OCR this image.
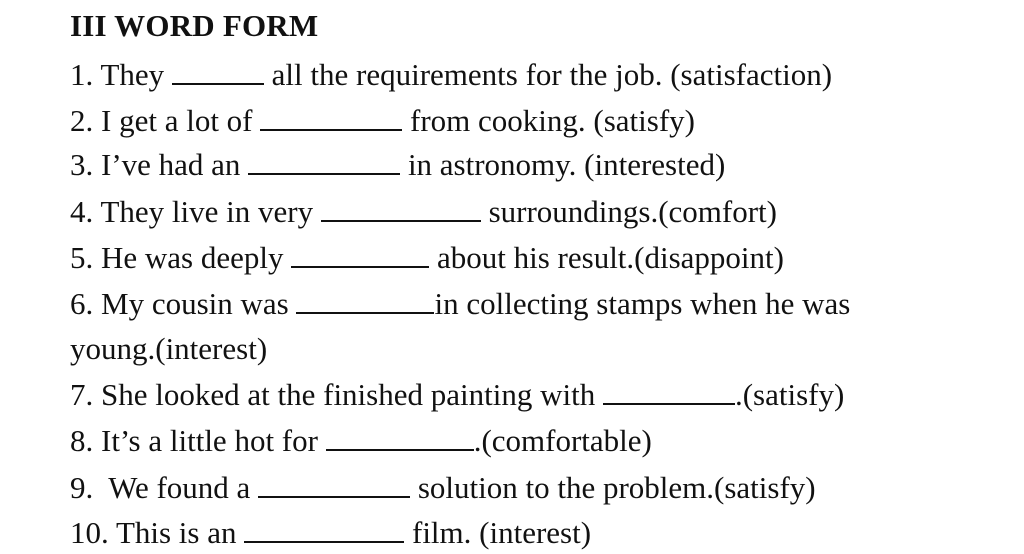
III WORD FORM
1. They	all the requirements for the job. (satisfaction)
2. I get a lot of	from cooking. (satisfy)
3. I’ve had an	in astronomy. (interested)
4. They live in very	surroundings.(comfort)
5. He was deeply	about his result.(disappoint)
6. My cousin was	in collecting stamps when he was
young.(interest)
7. She looked at the finished painting with	.(satisfy)
8. It’s a little hot for	.(comfortable)
9.  We found a	solution to the problem.(satisfy)
10. This is an	film. (interest)
